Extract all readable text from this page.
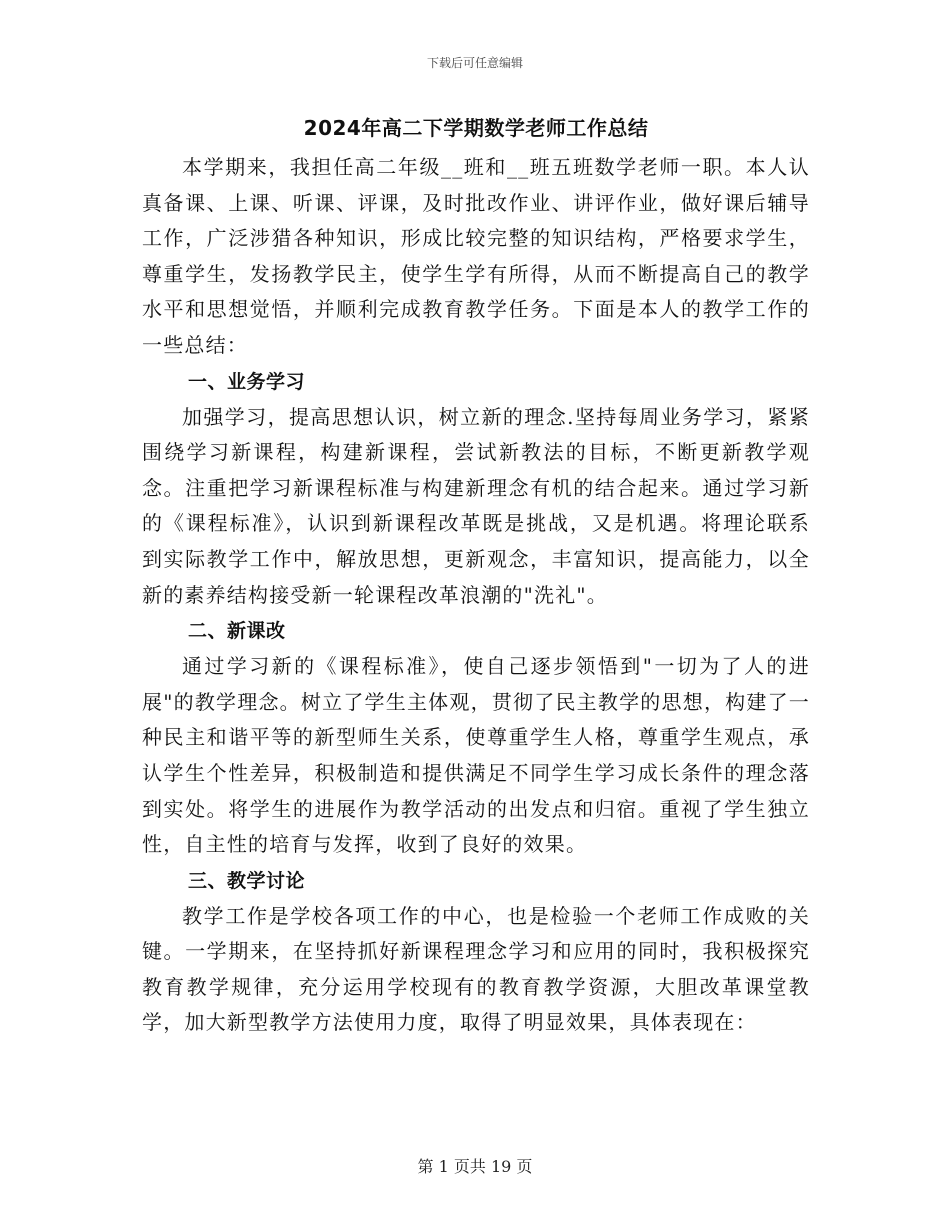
下载后可任意编辑
2024年高二下学期数学老师工作总结

本学期来，我担任高二年级__班和__班五班数学老师一职。本人认真备课、上课、听课、评课，及时批改作业、讲评作业，做好课后辅导工作，广泛涉猎各种知识，形成比较完整的知识结构，严格要求学生，尊重学生，发扬教学民主，使学生学有所得，从而不断提高自己的教学水平和思想觉悟，并顺利完成教育教学任务。下面是本人的教学工作的一些总结：

一、业务学习

加强学习，提高思想认识，树立新的理念.坚持每周业务学习，紧紧围绕学习新课程，构建新课程，尝试新教法的目标，不断更新教学观念。注重把学习新课程标准与构建新理念有机的结合起来。通过学习新的《课程标准》，认识到新课程改革既是挑战，又是机遇。将理论联系到实际教学工作中，解放思想，更新观念，丰富知识，提高能力，以全新的素养结构接受新一轮课程改革浪潮的"洗礼"。

二、新课改

通过学习新的《课程标准》，使自己逐步领悟到"一切为了人的进展"的教学理念。树立了学生主体观，贯彻了民主教学的思想，构建了一种民主和谐平等的新型师生关系，使尊重学生人格，尊重学生观点，承认学生个性差异，积极制造和提供满足不同学生学习成长条件的理念落到实处。将学生的进展作为教学活动的出发点和归宿。重视了学生独立性，自主性的培育与发挥，收到了良好的效果。

三、教学讨论

教学工作是学校各项工作的中心，也是检验一个老师工作成败的关键。一学期来，在坚持抓好新课程理念学习和应用的同时，我积极探究教育教学规律，充分运用学校现有的教育教学资源，大胆改革课堂教学，加大新型教学方法使用力度，取得了明显效果，具体表现在：

第 1 页共 19 页
